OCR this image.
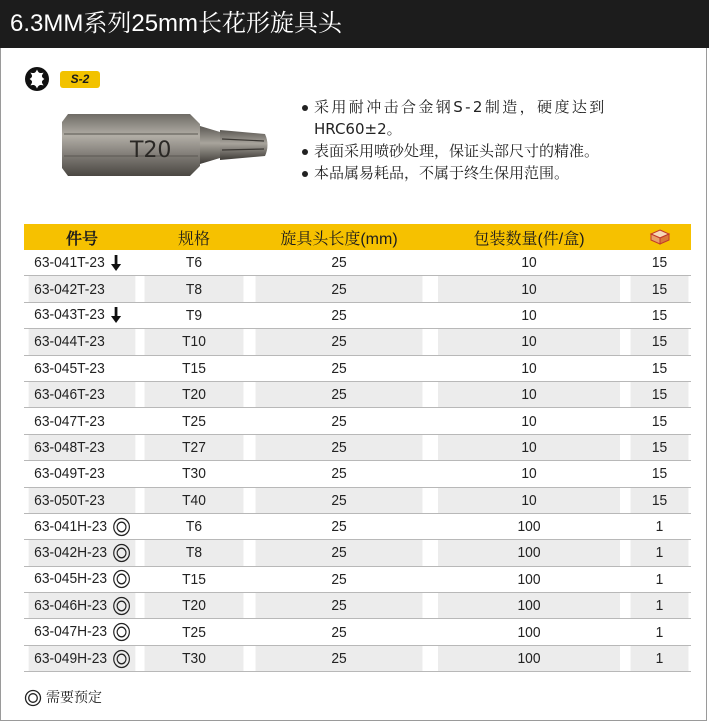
6.3MM系列25mm长花形旋具头
S-2
T20
采用耐冲击合金钢S-2制造，硬度达到
HRC60±2。
表面采用喷砂处理，保证头部尺寸的精准。
本品属易耗品，不属于终生保用范围。
件号	规格	旋具头长度(mm)	包装数量(件/盒)	
63-041T-23	T6	25	10	15
63-042T-23	T8	25	10	15
63-043T-23	T9	25	10	15
63-044T-23	T10	25	10	15
63-045T-23	T15	25	10	15
63-046T-23	T20	25	10	15
63-047T-23	T25	25	10	15
63-048T-23	T27	25	10	15
63-049T-23	T30	25	10	15
63-050T-23	T40	25	10	15
63-041H-23	T6	25	100	1
63-042H-23	T8	25	100	1
63-045H-23	T15	25	100	1
63-046H-23	T20	25	100	1
63-047H-23	T25	25	100	1
63-049H-23	T30	25	100	1
需要预定
